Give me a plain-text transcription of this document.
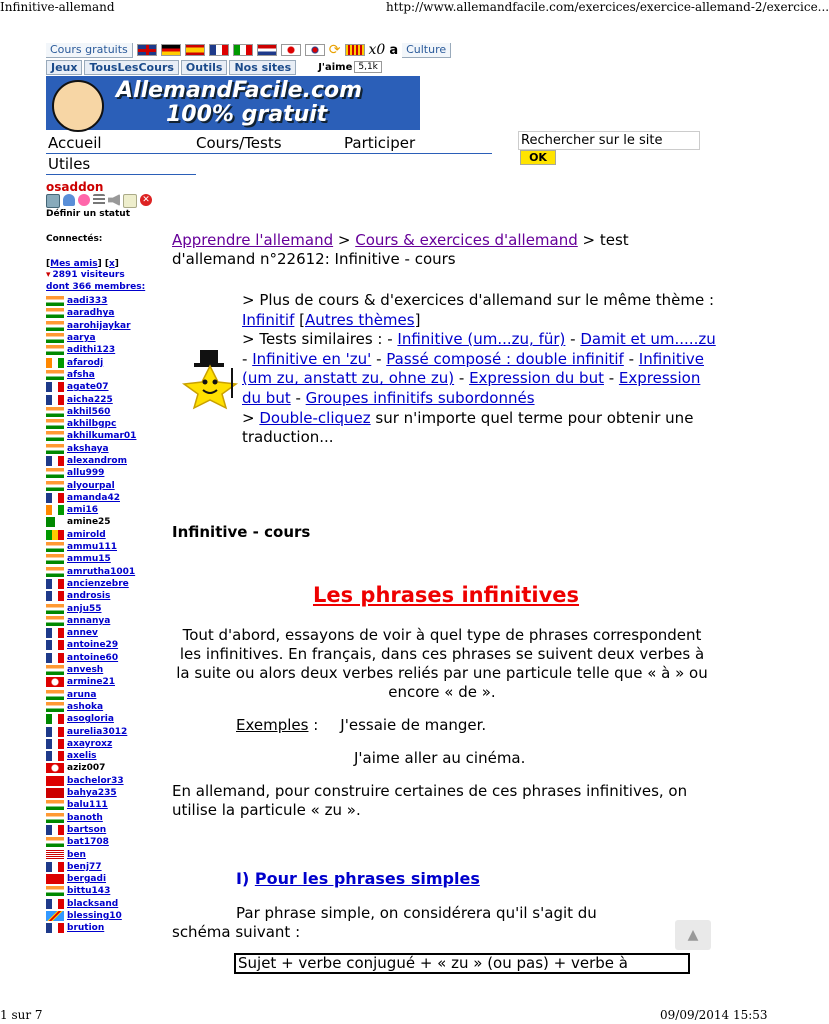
Infinitive-allemand	http://www.allemandfacile.com/exercices/exercice-allemand-2/exercice...
Cours gratuits	⟳ x0 a Culture
Jeux	TousLesCours	Outils	Nos sites	J'aime 5,1k
AllemandFacile.com
100% gratuit
Accueil	Cours/Tests	Participer
Utiles
Rechercher sur le site
OK
osaddon
✕
Définir un statut
Connectés:
[Mes amis] [x]
▾ 2891 visiteurs
dont 366 membres:
aadi333
aaradhya
aarohijaykar
aarya
adithi123
afarodj
afsha
agate07
aicha225
akhil560
akhilbgpc
akhilkumar01
akshaya
alexandrom
allu999
alyourpal
amanda42
ami16
amine25
amirold
ammu111
ammu15
amrutha1001
ancienzebre
androsis
anju55
annanya
annev
antoine29
antoine60
anvesh
armine21
aruna
ashoka
asogloria
aurelia3012
axayroxz
axelis
aziz007
bachelor33
bahya235
balu111
banoth
bartson
bat1708
ben
benj77
bergadi
bittu143
blacksand
blessing10
brution
Apprendre l'allemand > Cours & exercices d'allemand > test d'allemand n°22612: Infinitive - cours
> Plus de cours & d'exercices d'allemand sur le même thème : Infinitif [Autres thèmes]
> Tests similaires : - Infinitive (um...zu, für) - Damit et um.....zu - Infinitive en 'zu' - Passé composé : double infinitif - Infinitive (um zu, anstatt zu, ohne zu) - Expression du but - Expression du but - Groupes infinitifs subordonnés
> Double-cliquez sur n'importe quel terme pour obtenir une traduction...
Infinitive - cours
Les phrases infinitives
Tout d'abord, essayons de voir à quel type de phrases correspondent les infinitives. En français, dans ces phrases se suivent deux verbes à la suite ou alors deux verbes reliés par une particule telle que « à » ou encore « de ».
Exemples : J'essaie de manger.
J'aime aller au cinéma.
En allemand, pour construire certaines de ces phrases infinitives, on utilise la particule « zu ».
I) Pour les phrases simples
Par phrase simple, on considérera qu'il s'agit du
schéma suivant :
Sujet + verbe conjugué + « zu » (ou pas) + verbe à
▲
1 sur 7	09/09/2014 15:53
